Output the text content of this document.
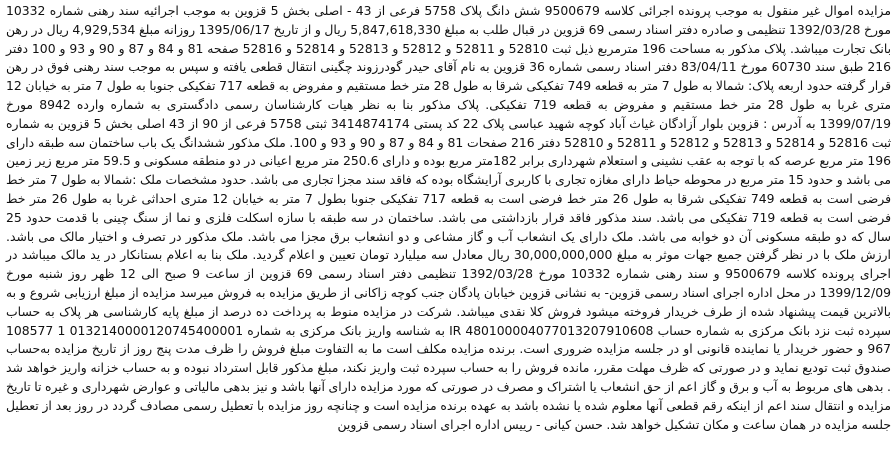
مزایده اموال غیر منقول به موجب پرونده اجرائی کلاسه 9500679 شش دانگ پلاک 5758 فرعی از 43 - اصلی بخش 5 قزوین به موجب اجرائیه سند رهنی شماره 10332 مورخ 1392/03/28 تنظیمی و صادره دفتر اسناد رسمی 69 قزوین در قبال طلب به مبلغ 5,847,618,330 ریال و از تاریخ 1395/06/17 روزانه مبلغ 4,929,534 ریال در رهن بانک تجارت میباشد. پلاک مذکور به مساحت 196 مترمربع ذیل ثبت 52810 و 52811 و 52812 و 52813 و 52814 و 52816 صفحه 81 و 84 و 87 و 90 و 93 و 100 دفتر 216 طبق سند 60730 مورخ 83/04/11 دفتر اسناد رسمی شماره 36 قزوین به نام آقای حیدر گودرزوند چگینی انتقال قطعی یافته و سپس به موجب سند رهنی فوق در رهن قرار گرفته حدود اربعه پلاک: شمالا به طول 7 متر به قطعه 749 تفکیکی شرقا به طول 28 متر خط مستقیم و مفروض به قطعه 717 تفکیکی جنوبا به طول 7 متر به خیابان 12 متری غربا به طول 28 متر خط مستقیم و مفروض به قطعه 719 تفکیکی. پلاک مذکور بنا به نظر هیات کارشناسان رسمی دادگستری به شماره وارده 8942 مورخ 1399/07/19 به آدرس : قزوین بلوار آزادگان غیاث آباد کوچه شهید عباسی پلاک 22 کد پستی 3414874174 ثبتی 5758 فرعی از 90 از 43 اصلی بخش 5 قزوین به شماره ثبت 52816 و 52814 و 52813 و 52812 و 52811 و 52810 دفتر 216 صفحات 81 و 84 و 87 و 90 و 93 و 100. ملک مذکور ششدانگ یک باب ساختمان سه طبقه دارای 196 متر مربع عرصه که با توجه به عقب نشینی و استعلام شهرداری برابر 182متر مربع بوده و دارای 250.6 متر مربع اعیانی در دو منطقه مسکونی و 59.5 متر مربع زیر زمین می باشد و حدود 15 متر مربع در محوطه حیاط دارای مغازه تجاری با کاربری آرایشگاه بوده که فاقد سند مجزا تجاری می باشد. حدود مشخصات ملک :شمالا به طول 7 متر خط فرضی است به قطعه 749 تفکیکی شرقا به طول 26 متر خط فرضی است به قطعه 717 تفکیکی جنوبا بطول 7 متر به خیابان 12 متری احداثی غربا به طول 26 متر خط فرضی است به قطعه 719 تفکیکی می باشد. سند مذکور فاقد قرار بازداشتی می باشد. ساختمان در سه طبقه با سازه اسکلت فلزی و نما از سنگ چینی با قدمت حدود 25 سال که دو طبقه مسکونی آن دو خوابه می باشد. ملک دارای یک انشعاب آب و گاز مشاعی و دو انشعاب برق مجزا می باشد. ملک مذکور در تصرف و اختیار مالک می باشد. ارزش ملک با در نظر گرفتن جمیع جهات موثر به مبلغ 30,000,000,000 ریال معادل سه میلیارد تومان تعیین و اعلام گردید. ملک بنا به اعلام بستانکار در ید مالک میباشد در اجرای پرونده کلاسه 9500679 و سند رهنی شماره 10332 مورخ 1392/03/28 تنظیمی دفتر اسناد رسمی 69 قزوین از ساعت 9 صبح الی 12 ظهر روز شنبه مورخ 1399/12/09 در محل اداره اجرای اسناد رسمی قزوین- به نشانی قزوین خیابان پادگان جنب کوچه زاکانی از طریق مزایده به فروش میرسد مزایده از مبلغ ارزیابی شروع و به بالاترین قیمت پیشنهاد شده از طرف خریدار فروخته میشود فروش کلا نقدی میباشد. شرکت در مزایده منوط به پرداخت ده درصد از مبلغ پایه کارشناسی هر پلاک به حساب سپرده ثبت نزد بانک مرکزی به شماره حساب IR 480100004077013207910608 به شناسه واریز بانک مرکزی به شماره 0132140000120745400001 1 108577 967 و حضور خریدار یا نماینده قانونی او در جلسه مزایده ضروری است. برنده مزایده مکلف است ما به التفاوت مبلغ فروش را ظرف مدت پنج روز از تاریخ مزایده به‌حساب صندوق ثبت تودیع نماید و در صورتی که ظرف مهلت مقرر، مانده فروش را به حساب سپرده ثبت واریز نکند، مبلغ مذکور قابل استرداد نبوده و به حساب خزانه واریز خواهد شد . بدهی های مربوط به آب و برق و گاز اعم از حق انشعاب یا اشتراک و مصرف در صورتی که مورد مزایده دارای آنها باشد و نیز بدهی مالیاتی و عوارض شهرداری و غیره تا تاریخ مزایده و انتقال سند اعم از اینکه رقم قطعی آنها معلوم شده یا نشده باشد به عهده برنده مزایده است و چنانچه روز مزایده با تعطیل رسمی مصادف گردد در روز بعد از تعطیل جلسه مزایده در همان ساعت و مکان تشکیل خواهد شد. حسن کیانی - رییس اداره اجرای اسناد رسمی قزوین
